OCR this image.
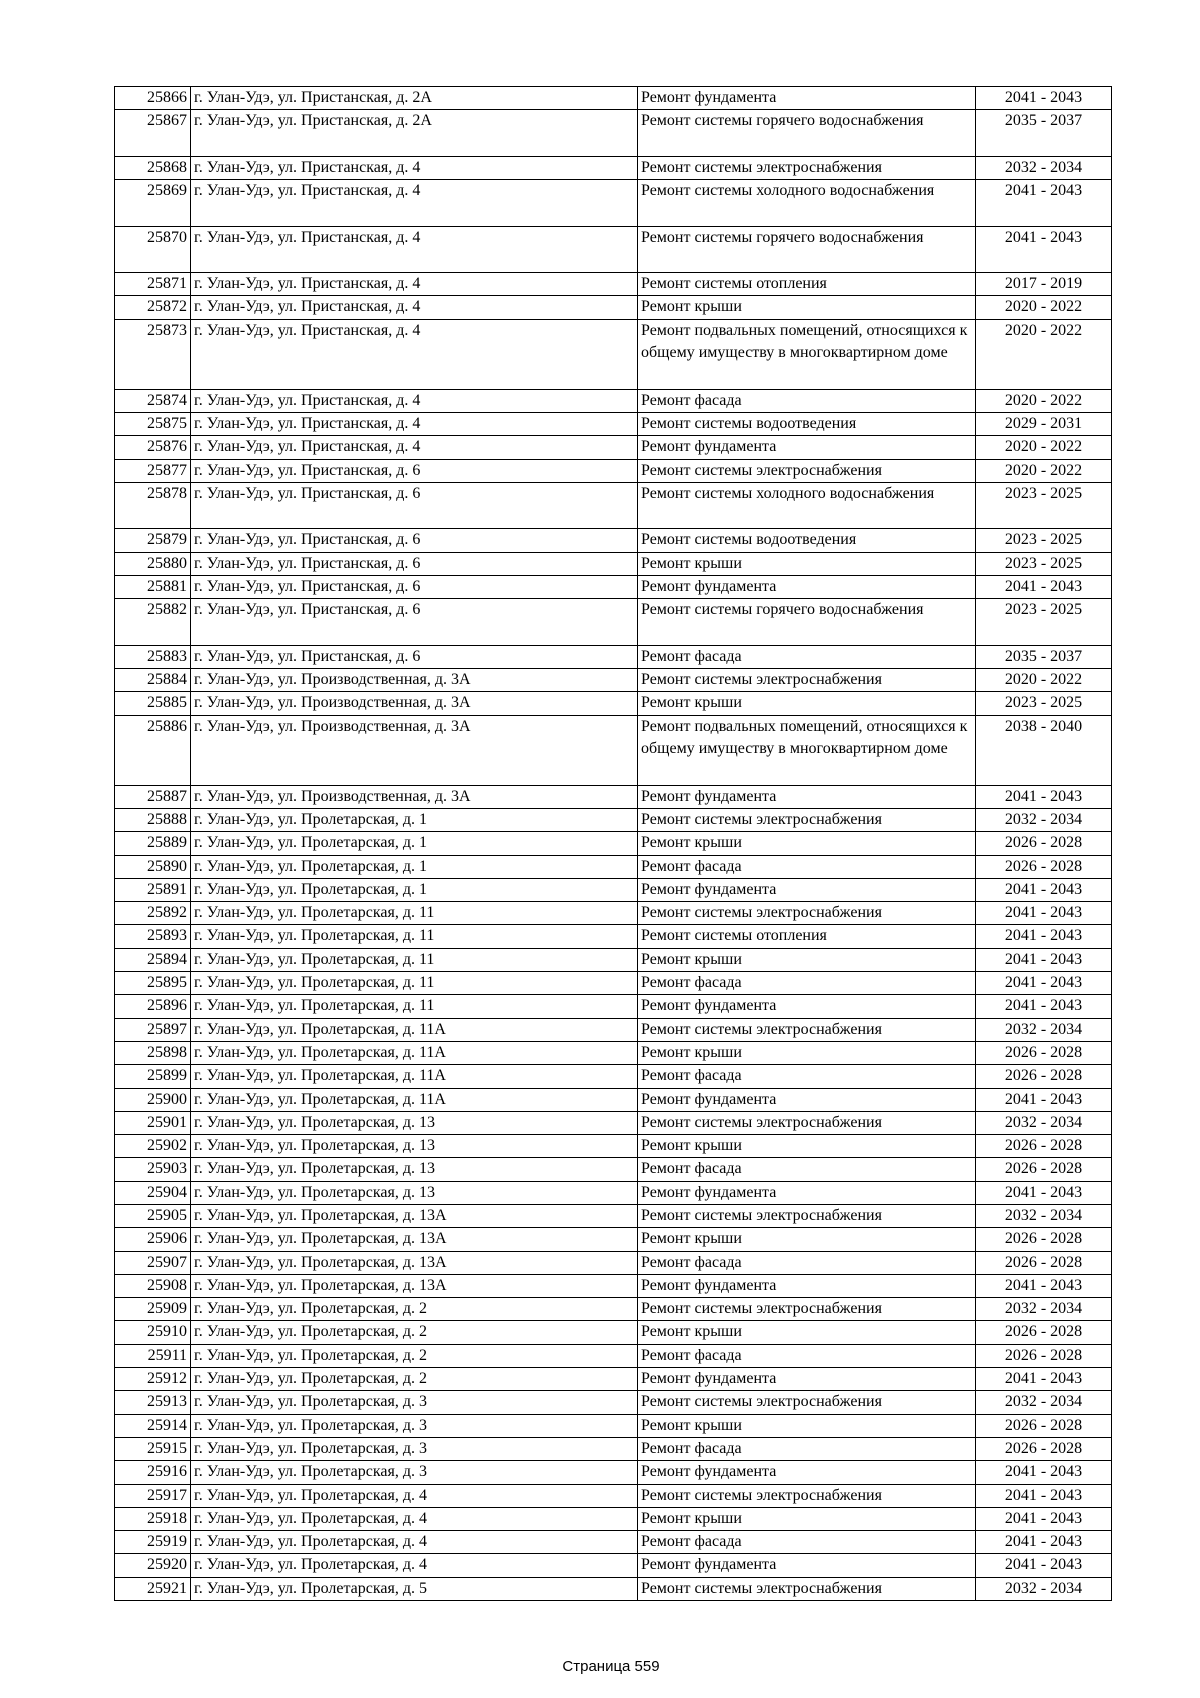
25866	г. Улан-Удэ, ул. Пристанская, д. 2А	Ремонт фундамента	2041 - 2043
25867	г. Улан-Удэ, ул. Пристанская, д. 2А	Ремонт системы горячего водоснабжения	2035 - 2037
25868	г. Улан-Удэ, ул. Пристанская, д. 4	Ремонт системы электроснабжения	2032 - 2034
25869	г. Улан-Удэ, ул. Пристанская, д. 4	Ремонт системы холодного водоснабжения	2041 - 2043
25870	г. Улан-Удэ, ул. Пристанская, д. 4	Ремонт системы горячего водоснабжения	2041 - 2043
25871	г. Улан-Удэ, ул. Пристанская, д. 4	Ремонт системы отопления	2017 - 2019
25872	г. Улан-Удэ, ул. Пристанская, д. 4	Ремонт крыши	2020 - 2022
25873	г. Улан-Удэ, ул. Пристанская, д. 4	Ремонт подвальных помещений, относящихся к общему имуществу в многоквартирном доме	2020 - 2022
25874	г. Улан-Удэ, ул. Пристанская, д. 4	Ремонт фасада	2020 - 2022
25875	г. Улан-Удэ, ул. Пристанская, д. 4	Ремонт системы водоотведения	2029 - 2031
25876	г. Улан-Удэ, ул. Пристанская, д. 4	Ремонт фундамента	2020 - 2022
25877	г. Улан-Удэ, ул. Пристанская, д. 6	Ремонт системы электроснабжения	2020 - 2022
25878	г. Улан-Удэ, ул. Пристанская, д. 6	Ремонт системы холодного водоснабжения	2023 - 2025
25879	г. Улан-Удэ, ул. Пристанская, д. 6	Ремонт системы водоотведения	2023 - 2025
25880	г. Улан-Удэ, ул. Пристанская, д. 6	Ремонт крыши	2023 - 2025
25881	г. Улан-Удэ, ул. Пристанская, д. 6	Ремонт фундамента	2041 - 2043
25882	г. Улан-Удэ, ул. Пристанская, д. 6	Ремонт системы горячего водоснабжения	2023 - 2025
25883	г. Улан-Удэ, ул. Пристанская, д. 6	Ремонт фасада	2035 - 2037
25884	г. Улан-Удэ, ул. Производственная, д. 3А	Ремонт системы электроснабжения	2020 - 2022
25885	г. Улан-Удэ, ул. Производственная, д. 3А	Ремонт крыши	2023 - 2025
25886	г. Улан-Удэ, ул. Производственная, д. 3А	Ремонт подвальных помещений, относящихся к общему имуществу в многоквартирном доме	2038 - 2040
25887	г. Улан-Удэ, ул. Производственная, д. 3А	Ремонт фундамента	2041 - 2043
25888	г. Улан-Удэ, ул. Пролетарская, д. 1	Ремонт системы электроснабжения	2032 - 2034
25889	г. Улан-Удэ, ул. Пролетарская, д. 1	Ремонт крыши	2026 - 2028
25890	г. Улан-Удэ, ул. Пролетарская, д. 1	Ремонт фасада	2026 - 2028
25891	г. Улан-Удэ, ул. Пролетарская, д. 1	Ремонт фундамента	2041 - 2043
25892	г. Улан-Удэ, ул. Пролетарская, д. 11	Ремонт системы электроснабжения	2041 - 2043
25893	г. Улан-Удэ, ул. Пролетарская, д. 11	Ремонт системы отопления	2041 - 2043
25894	г. Улан-Удэ, ул. Пролетарская, д. 11	Ремонт крыши	2041 - 2043
25895	г. Улан-Удэ, ул. Пролетарская, д. 11	Ремонт фасада	2041 - 2043
25896	г. Улан-Удэ, ул. Пролетарская, д. 11	Ремонт фундамента	2041 - 2043
25897	г. Улан-Удэ, ул. Пролетарская, д. 11А	Ремонт системы электроснабжения	2032 - 2034
25898	г. Улан-Удэ, ул. Пролетарская, д. 11А	Ремонт крыши	2026 - 2028
25899	г. Улан-Удэ, ул. Пролетарская, д. 11А	Ремонт фасада	2026 - 2028
25900	г. Улан-Удэ, ул. Пролетарская, д. 11А	Ремонт фундамента	2041 - 2043
25901	г. Улан-Удэ, ул. Пролетарская, д. 13	Ремонт системы электроснабжения	2032 - 2034
25902	г. Улан-Удэ, ул. Пролетарская, д. 13	Ремонт крыши	2026 - 2028
25903	г. Улан-Удэ, ул. Пролетарская, д. 13	Ремонт фасада	2026 - 2028
25904	г. Улан-Удэ, ул. Пролетарская, д. 13	Ремонт фундамента	2041 - 2043
25905	г. Улан-Удэ, ул. Пролетарская, д. 13А	Ремонт системы электроснабжения	2032 - 2034
25906	г. Улан-Удэ, ул. Пролетарская, д. 13А	Ремонт крыши	2026 - 2028
25907	г. Улан-Удэ, ул. Пролетарская, д. 13А	Ремонт фасада	2026 - 2028
25908	г. Улан-Удэ, ул. Пролетарская, д. 13А	Ремонт фундамента	2041 - 2043
25909	г. Улан-Удэ, ул. Пролетарская, д. 2	Ремонт системы электроснабжения	2032 - 2034
25910	г. Улан-Удэ, ул. Пролетарская, д. 2	Ремонт крыши	2026 - 2028
25911	г. Улан-Удэ, ул. Пролетарская, д. 2	Ремонт фасада	2026 - 2028
25912	г. Улан-Удэ, ул. Пролетарская, д. 2	Ремонт фундамента	2041 - 2043
25913	г. Улан-Удэ, ул. Пролетарская, д. 3	Ремонт системы электроснабжения	2032 - 2034
25914	г. Улан-Удэ, ул. Пролетарская, д. 3	Ремонт крыши	2026 - 2028
25915	г. Улан-Удэ, ул. Пролетарская, д. 3	Ремонт фасада	2026 - 2028
25916	г. Улан-Удэ, ул. Пролетарская, д. 3	Ремонт фундамента	2041 - 2043
25917	г. Улан-Удэ, ул. Пролетарская, д. 4	Ремонт системы электроснабжения	2041 - 2043
25918	г. Улан-Удэ, ул. Пролетарская, д. 4	Ремонт крыши	2041 - 2043
25919	г. Улан-Удэ, ул. Пролетарская, д. 4	Ремонт фасада	2041 - 2043
25920	г. Улан-Удэ, ул. Пролетарская, д. 4	Ремонт фундамента	2041 - 2043
25921	г. Улан-Удэ, ул. Пролетарская, д. 5	Ремонт системы электроснабжения	2032 - 2034
Страница 559
